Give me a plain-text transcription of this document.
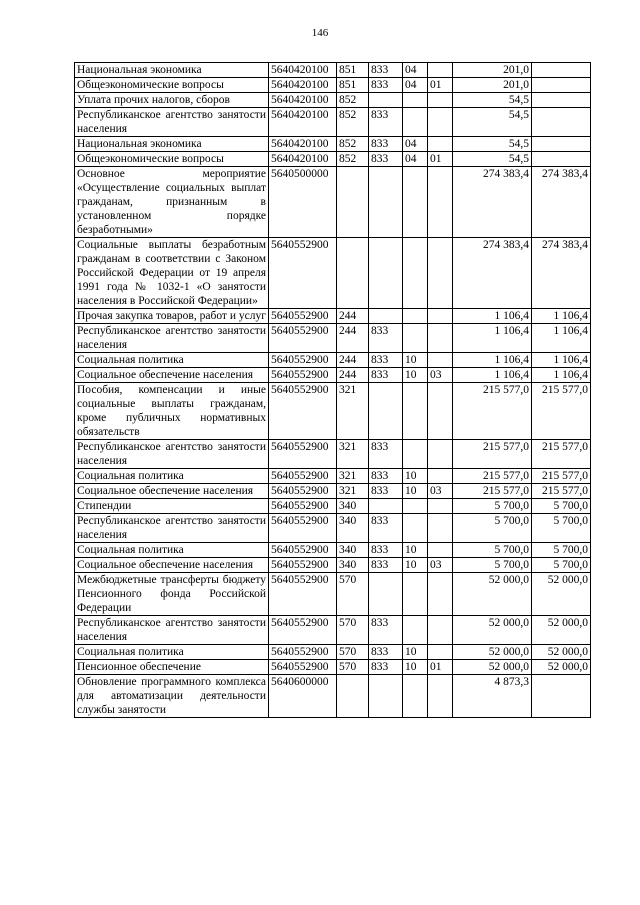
146
Национальная экономика	5640420100	851	833	04		201,0	
Общеэкономические вопросы	5640420100	851	833	04	01	201,0	
Уплата прочих налогов, сборов	5640420100	852				54,5	
Республиканское агентство занятости населения	5640420100	852	833			54,5	
Национальная экономика	5640420100	852	833	04		54,5	
Общеэкономические вопросы	5640420100	852	833	04	01	54,5	
Основное мероприятие «Осуществление социальных выплат гражданам, признанным в установленном порядке безработными»	5640500000					274 383,4	274 383,4
Социальные выплаты безработным гражданам в соответствии с Законом Российской Федерации от 19 апреля 1991 года № 1032-1 «О занятости населения в Российской Федерации»	5640552900					274 383,4	274 383,4
Прочая закупка товаров, работ и услуг	5640552900	244				1 106,4	1 106,4
Республиканское агентство занятости населения	5640552900	244	833			1 106,4	1 106,4
Социальная политика	5640552900	244	833	10		1 106,4	1 106,4
Социальное обеспечение населения	5640552900	244	833	10	03	1 106,4	1 106,4
Пособия, компенсации и иные социальные выплаты гражданам, кроме публичных нормативных обязательств	5640552900	321				215 577,0	215 577,0
Республиканское агентство занятости населения	5640552900	321	833			215 577,0	215 577,0
Социальная политика	5640552900	321	833	10		215 577,0	215 577,0
Социальное обеспечение населения	5640552900	321	833	10	03	215 577,0	215 577,0
Стипендии	5640552900	340				5 700,0	5 700,0
Республиканское агентство занятости населения	5640552900	340	833			5 700,0	5 700,0
Социальная политика	5640552900	340	833	10		5 700,0	5 700,0
Социальное обеспечение населения	5640552900	340	833	10	03	5 700,0	5 700,0
Межбюджетные трансферты бюджету Пенсионного фонда Российской Федерации	5640552900	570				52 000,0	52 000,0
Республиканское агентство занятости населения	5640552900	570	833			52 000,0	52 000,0
Социальная политика	5640552900	570	833	10		52 000,0	52 000,0
Пенсионное обеспечение	5640552900	570	833	10	01	52 000,0	52 000,0
Обновление программного комплекса для автоматизации деятельности службы занятости	5640600000					4 873,3	
